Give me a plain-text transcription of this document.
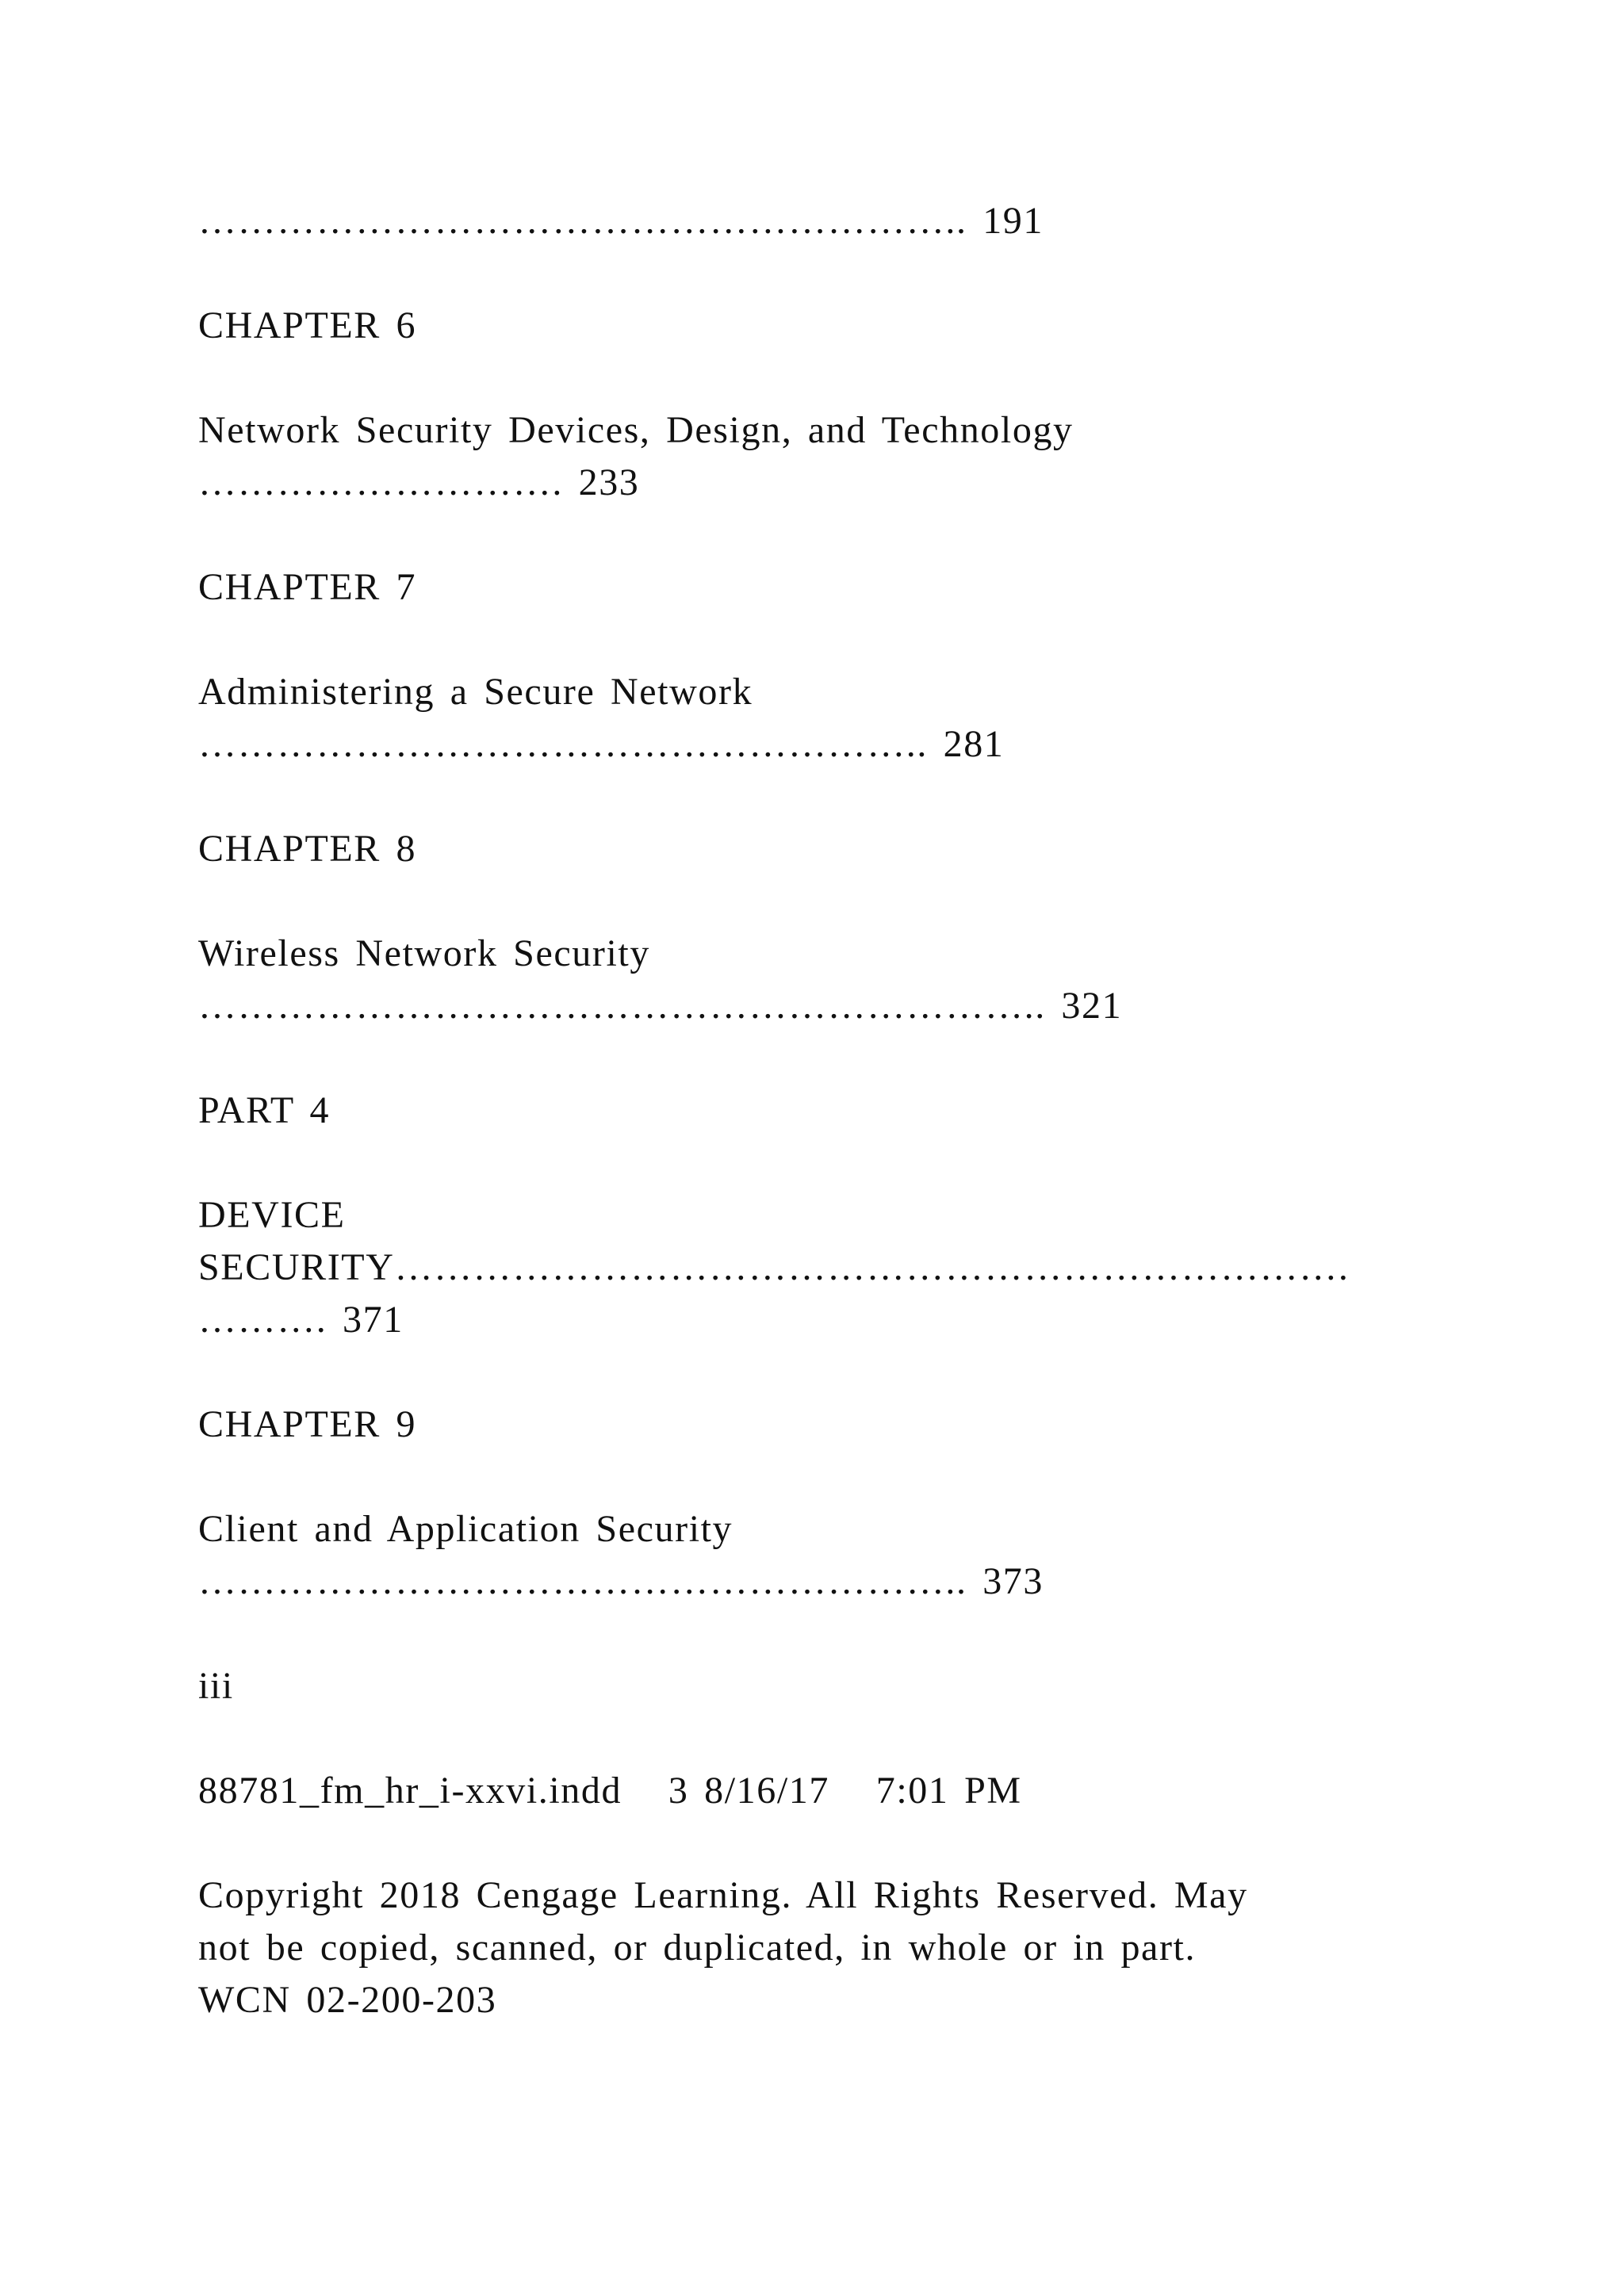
………………………………………………….. 191
CHAPTER 6
Network Security Devices, Design, and Technology
………………………. 233
CHAPTER 7
Administering a Secure Network
……………………………………………….. 281
CHAPTER 8
Wireless Network Security
……………………………………………………….. 321
PART 4
DEVICE
SECURITY……………………………………………………………….
………. 371
CHAPTER 9
Client and Application Security
………………………………………………….. 373
iii
88781_fm_hr_i-xxvi.indd   3 8/16/17   7:01 PM
Copyright 2018 Cengage Learning. All Rights Reserved. May
not be copied, scanned, or duplicated, in whole or in part.
WCN 02-200-203
